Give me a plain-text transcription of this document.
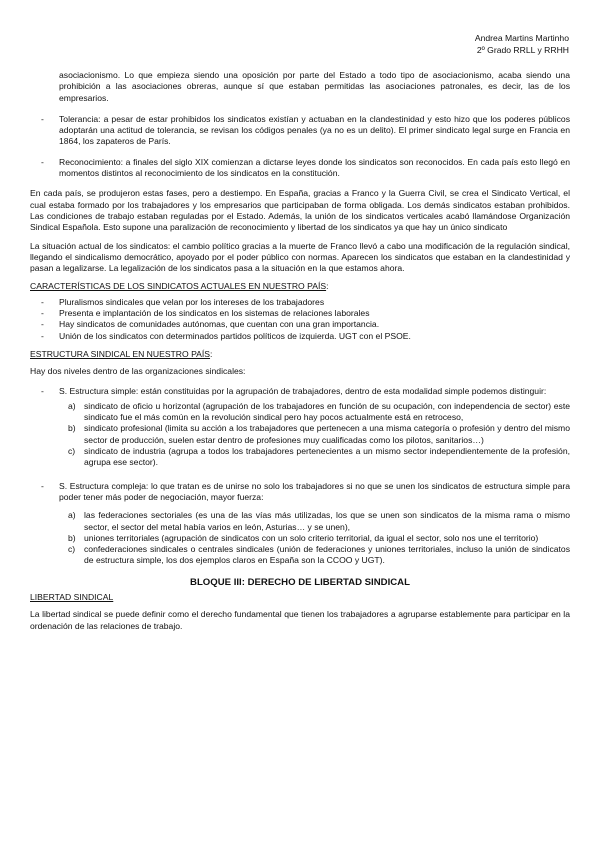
Andrea Martins Martinho
2º Grado RRLL y RRHH

asociacionismo. Lo que empieza siendo una oposición por parte del Estado a todo tipo de asociacionismo, acaba siendo una prohibición a las asociaciones obreras, aunque sí que estaban permitidas las asociaciones patronales, es decir, las de los empresarios.

- Tolerancia: a pesar de estar prohibidos los sindicatos existían y actuaban en la clandestinidad y esto hizo que los poderes públicos adoptarán una actitud de tolerancia, se revisan los códigos penales (ya no es un delito). El primer sindicato legal surge en Francia en 1864, los zapateros de París.
- Reconocimiento: a finales del siglo XIX comienzan a dictarse leyes donde los sindicatos son reconocidos. En cada país esto llegó en momentos distintos al reconocimiento de los sindicatos en la constitución.

En cada país, se produjeron estas fases, pero a destiempo. En España, gracias a Franco y la Guerra Civil, se crea el Sindicato Vertical, el cual estaba formado por los trabajadores y los empresarios que participaban de forma obligada. Los demás sindicatos estaban prohibidos. Las condiciones de trabajo estaban reguladas por el Estado. Además, la unión de los sindicatos verticales acabó llamándose Organización Sindical Española. Esto supone una paralización de reconocimiento y libertad de los sindicatos ya que hay un único sindicato

La situación actual de los sindicatos: el cambio político gracias a la muerte de Franco llevó a cabo una modificación de la regulación sindical, llegando el sindicalismo democrático, apoyado por el poder público con normas. Aparecen los sindicatos que estaban en la clandestinidad y pasan a legalizarse. La legalización de los sindicatos pasa a la situación en la que estamos ahora.

CARACTERÍSTICAS DE LOS SINDICATOS ACTUALES EN NUESTRO PAÍS:
- Pluralismos sindicales que velan por los intereses de los trabajadores
- Presenta e implantación de los sindicatos en los sistemas de relaciones laborales
- Hay sindicatos de comunidades autónomas, que cuentan con una gran importancia.
- Unión de los sindicatos con determinados partidos políticos de izquierda. UGT con el PSOE.
ESTRUCTURA SINDICAL EN NUESTRO PAÍS:

Hay dos niveles dentro de las organizaciones sindicales:

- S. Estructura simple: están constituidas por la agrupación de trabajadores, dentro de esta modalidad simple podemos distinguir:
a) sindicato de oficio u horizontal (agrupación de los trabajadores en función de su ocupación, con independencia de sector) este sindicato fue el más común en la revolución sindical pero hay pocos actualmente está en retroceso,
b) sindicato profesional (limita su acción a los trabajadores que pertenecen a una misma categoría o profesión y dentro del mismo sector de producción, suelen estar dentro de profesiones muy cualificadas como los pilotos, sanitarios…)
c) sindicato de industria (agrupa a todos los trabajadores pertenecientes a un mismo sector independientemente de la profesión, agrupa ese sector).
- S. Estructura compleja: lo que tratan es de unirse no solo los trabajadores si no que se unen los sindicatos de estructura simple para poder tener más poder de negociación, mayor fuerza:
a) las federaciones sectoriales (es una de las vías más utilizadas, los que se unen son sindicatos de la misma rama o mismo sector, el sector del metal había varios en león, Asturias… y se unen),
b) uniones territoriales (agrupación de sindicatos con un solo criterio territorial, da igual el sector, solo nos une el territorio)
c) confederaciones sindicales o centrales sindicales (unión de federaciones y uniones territoriales, incluso la unión de sindicatos de estructura simple, los dos ejemplos claros en España son la CCOO y UGT).
BLOQUE III: DERECHO DE LIBERTAD SINDICAL
LIBERTAD SINDICAL

La libertad sindical se puede definir como el derecho fundamental que tienen los trabajadores a agruparse establemente para participar en la ordenación de las relaciones de trabajo.
